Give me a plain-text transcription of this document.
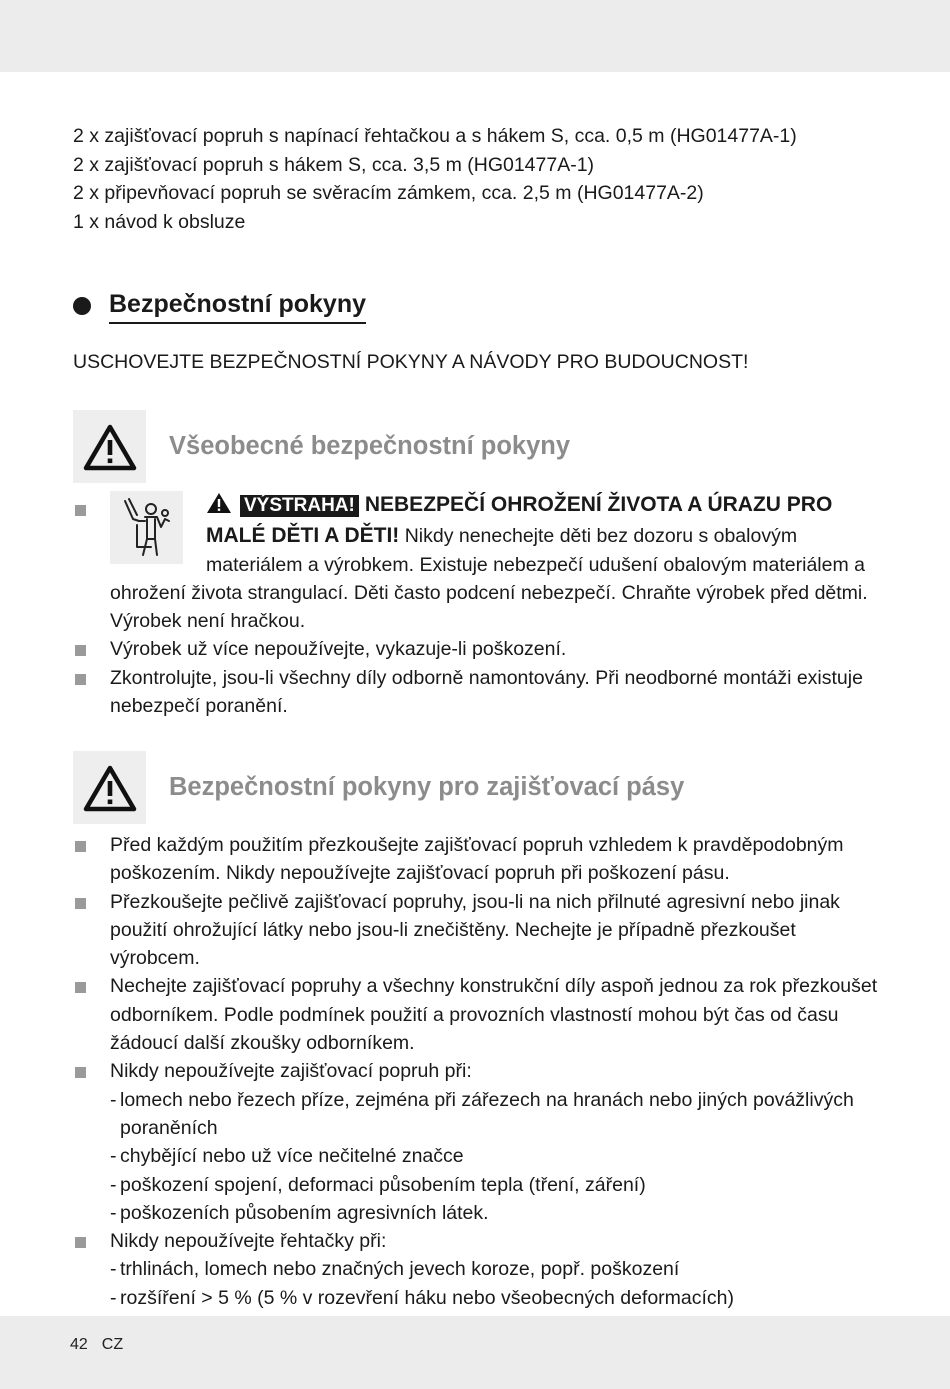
2 x zajišťovací popruh s napínací řehtačkou a s hákem S, cca. 0,5 m (HG01477A-1)
2 x zajišťovací popruh s hákem S, cca. 3,5 m (HG01477A-1)
2 x připevňovací popruh se svěracím zámkem, cca. 2,5 m (HG01477A-2)
1 x návod k obsluze
Bezpečnostní pokyny
USCHOVEJTE BEZPEČNOSTNÍ POKYNY A NÁVODY PRO BUDOUCNOST!
Všeobecné bezpečnostní pokyny
VÝSTRAHA! NEBEZPEČÍ OHROŽENÍ ŽIVOTA A ÚRAZU PRO MALÉ DĚTI A DĚTI! Nikdy nenechejte děti bez dozoru s obalovým materiálem a výrobkem. Existuje nebezpečí udušení obalovým materiálem a ohrožení života strangulací. Děti často podcení nebezpečí. Chraňte výrobek před dětmi. Výrobek není hračkou.
Výrobek už více nepoužívejte, vykazuje-li poškození.
Zkontrolujte, jsou-li všechny díly odborně namontovány. Při neodborné montáži existuje nebezpečí poranění.
Bezpečnostní pokyny pro zajišťovací pásy
Před každým použitím přezkoušejte zajišťovací popruh vzhledem k pravděpodobným poškozením. Nikdy nepoužívejte zajišťovací popruh při poškození pásu.
Přezkoušejte pečlivě zajišťovací popruhy, jsou-li na nich přilnuté agresivní nebo jinak použití ohrožující látky nebo jsou-li znečištěny. Nechejte je případně přezkoušet výrobcem.
Nechejte zajišťovací popruhy a všechny konstrukční díly aspoň jednou za rok přezkoušet odborníkem. Podle podmínek použití a provozních vlastností mohou být čas od času žádoucí další zkoušky odborníkem.
Nikdy nepoužívejte zajišťovací popruh při:
- lomech nebo řezech příze, zejména při zářezech na hranách nebo jiných povážlivých poraněních
- chybějící nebo už více nečitelné značce
- poškození spojení, deformaci působením tepla (tření, záření)
- poškozeních působením agresivních látek.
Nikdy nepoužívejte řehtačky při:
- trhlinách, lomech nebo značných jevech koroze, popř. poškození
- rozšíření > 5 % (5 % v rozevření háku nebo všeobecných deformacích)
42 CZ
